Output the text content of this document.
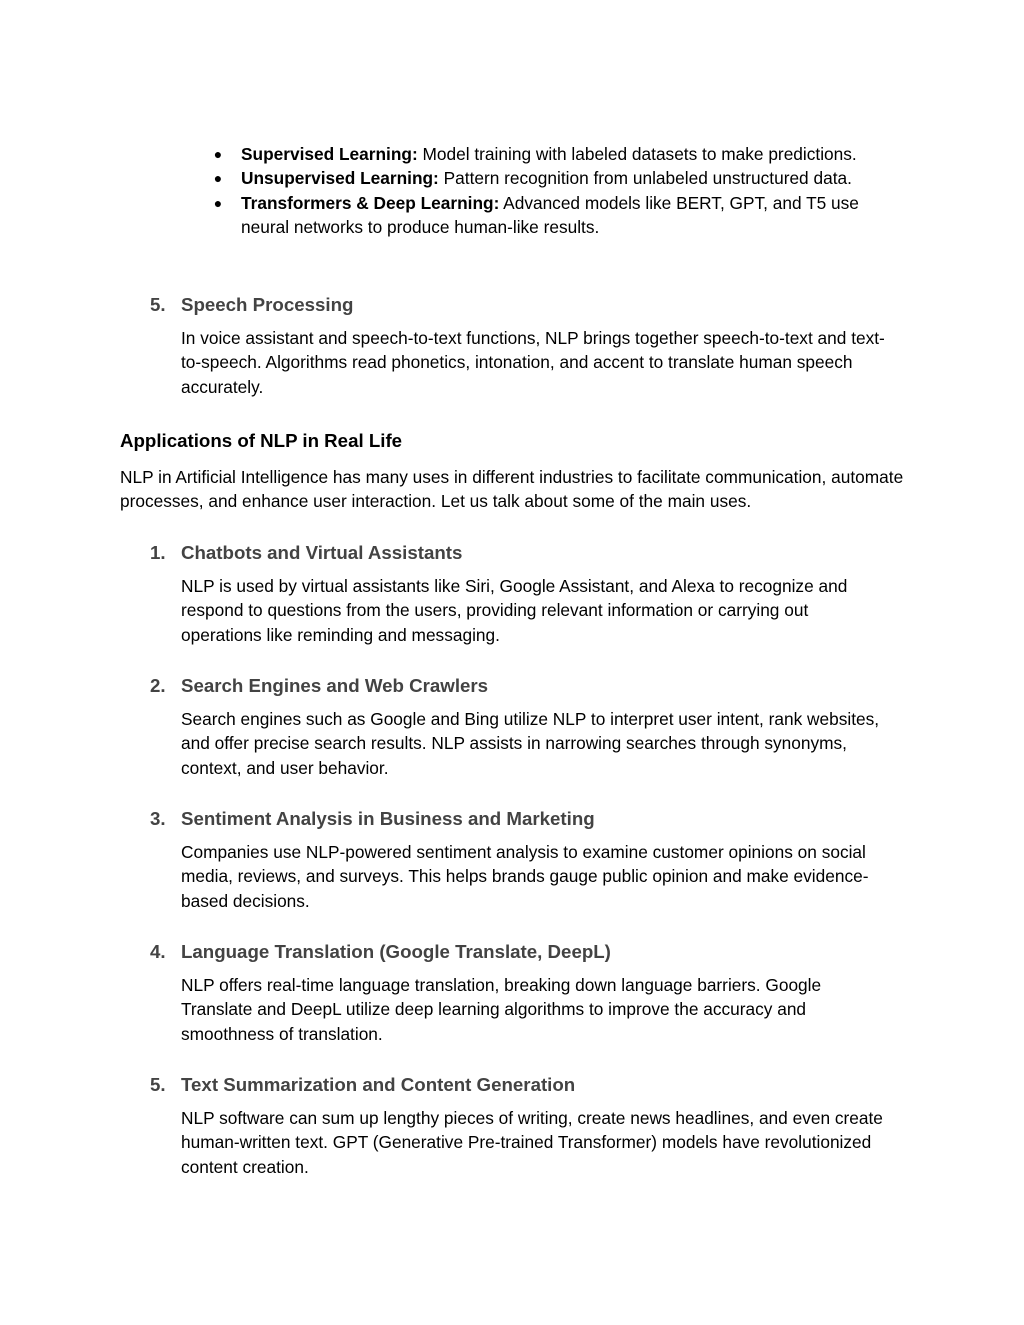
● Supervised Learning: Model training with labeled datasets to make predictions.
● Unsupervised Learning: Pattern recognition from unlabeled unstructured data.
● Transformers & Deep Learning: Advanced models like BERT, GPT, and T5 use neural networks to produce human-like results.
5. Speech Processing
In voice assistant and speech-to-text functions, NLP brings together speech-to-text and text-to-speech. Algorithms read phonetics, intonation, and accent to translate human speech accurately.
Applications of NLP in Real Life
NLP in Artificial Intelligence has many uses in different industries to facilitate communication, automate processes, and enhance user interaction. Let us talk about some of the main uses.
1. Chatbots and Virtual Assistants
NLP is used by virtual assistants like Siri, Google Assistant, and Alexa to recognize and respond to questions from the users, providing relevant information or carrying out operations like reminding and messaging.
2. Search Engines and Web Crawlers
Search engines such as Google and Bing utilize NLP to interpret user intent, rank websites, and offer precise search results. NLP assists in narrowing searches through synonyms, context, and user behavior.
3. Sentiment Analysis in Business and Marketing
Companies use NLP-powered sentiment analysis to examine customer opinions on social media, reviews, and surveys. This helps brands gauge public opinion and make evidence-based decisions.
4. Language Translation (Google Translate, DeepL)
NLP offers real-time language translation, breaking down language barriers. Google Translate and DeepL utilize deep learning algorithms to improve the accuracy and smoothness of translation.
5. Text Summarization and Content Generation
NLP software can sum up lengthy pieces of writing, create news headlines, and even create human-written text. GPT (Generative Pre-trained Transformer) models have revolutionized content creation.
